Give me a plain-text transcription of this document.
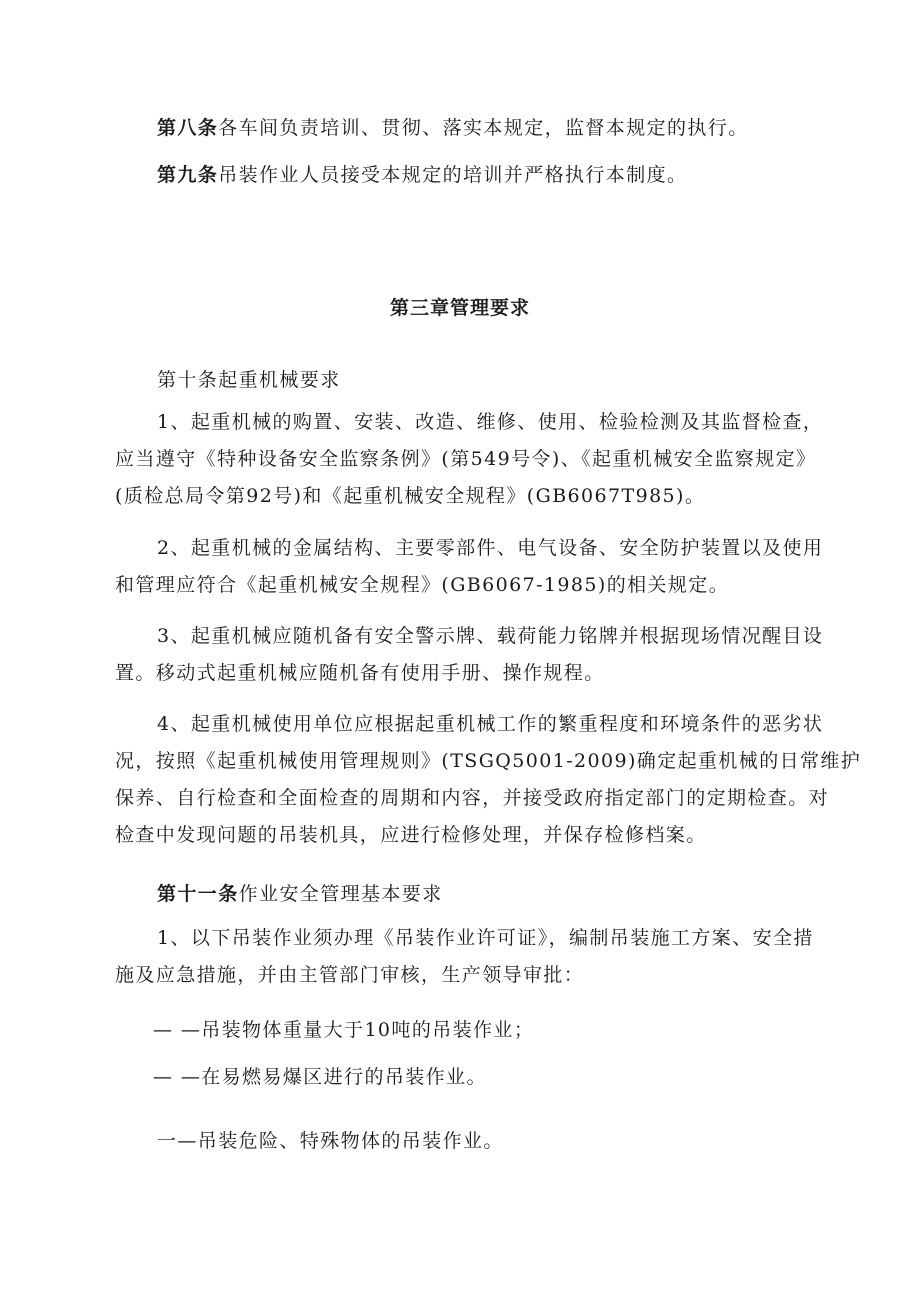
第八条各车间负责培训、贯彻、落实本规定，监督本规定的执行。

第九条吊装作业人员接受本规定的培训并严格执行本制度。

第三章管理要求

第十条起重机械要求

1、起重机械的购置、安装、改造、维修、使用、检验检测及其监督检查，
应当遵守《特种设备安全监察条例》(第549号令)、《起重机械安全监察规定》
(质检总局令第92号)和《起重机械安全规程》(GB6067T985)。

2、起重机械的金属结构、主要零部件、电气设备、安全防护装置以及使用
和管理应符合《起重机械安全规程》(GB6067-1985)的相关规定。

3、起重机械应随机备有安全警示牌、载荷能力铭牌并根据现场情况醒目设
置。移动式起重机械应随机备有使用手册、操作规程。

4、起重机械使用单位应根据起重机械工作的繁重程度和环境条件的恶劣状
况，按照《起重机械使用管理规则》(TSGQ5001-2009)确定起重机械的日常维护
保养、自行检查和全面检查的周期和内容，并接受政府指定部门的定期检查。对
检查中发现问题的吊装机具，应进行检修处理，并保存检修档案。

第十一条作业安全管理基本要求

1、以下吊装作业须办理《吊装作业许可证》，编制吊装施工方案、安全措
施及应急措施，并由主管部门审核，生产领导审批：

— —吊装物体重量大于10吨的吊装作业；

— —在易燃易爆区进行的吊装作业。

一—吊装危险、特殊物体的吊装作业。
